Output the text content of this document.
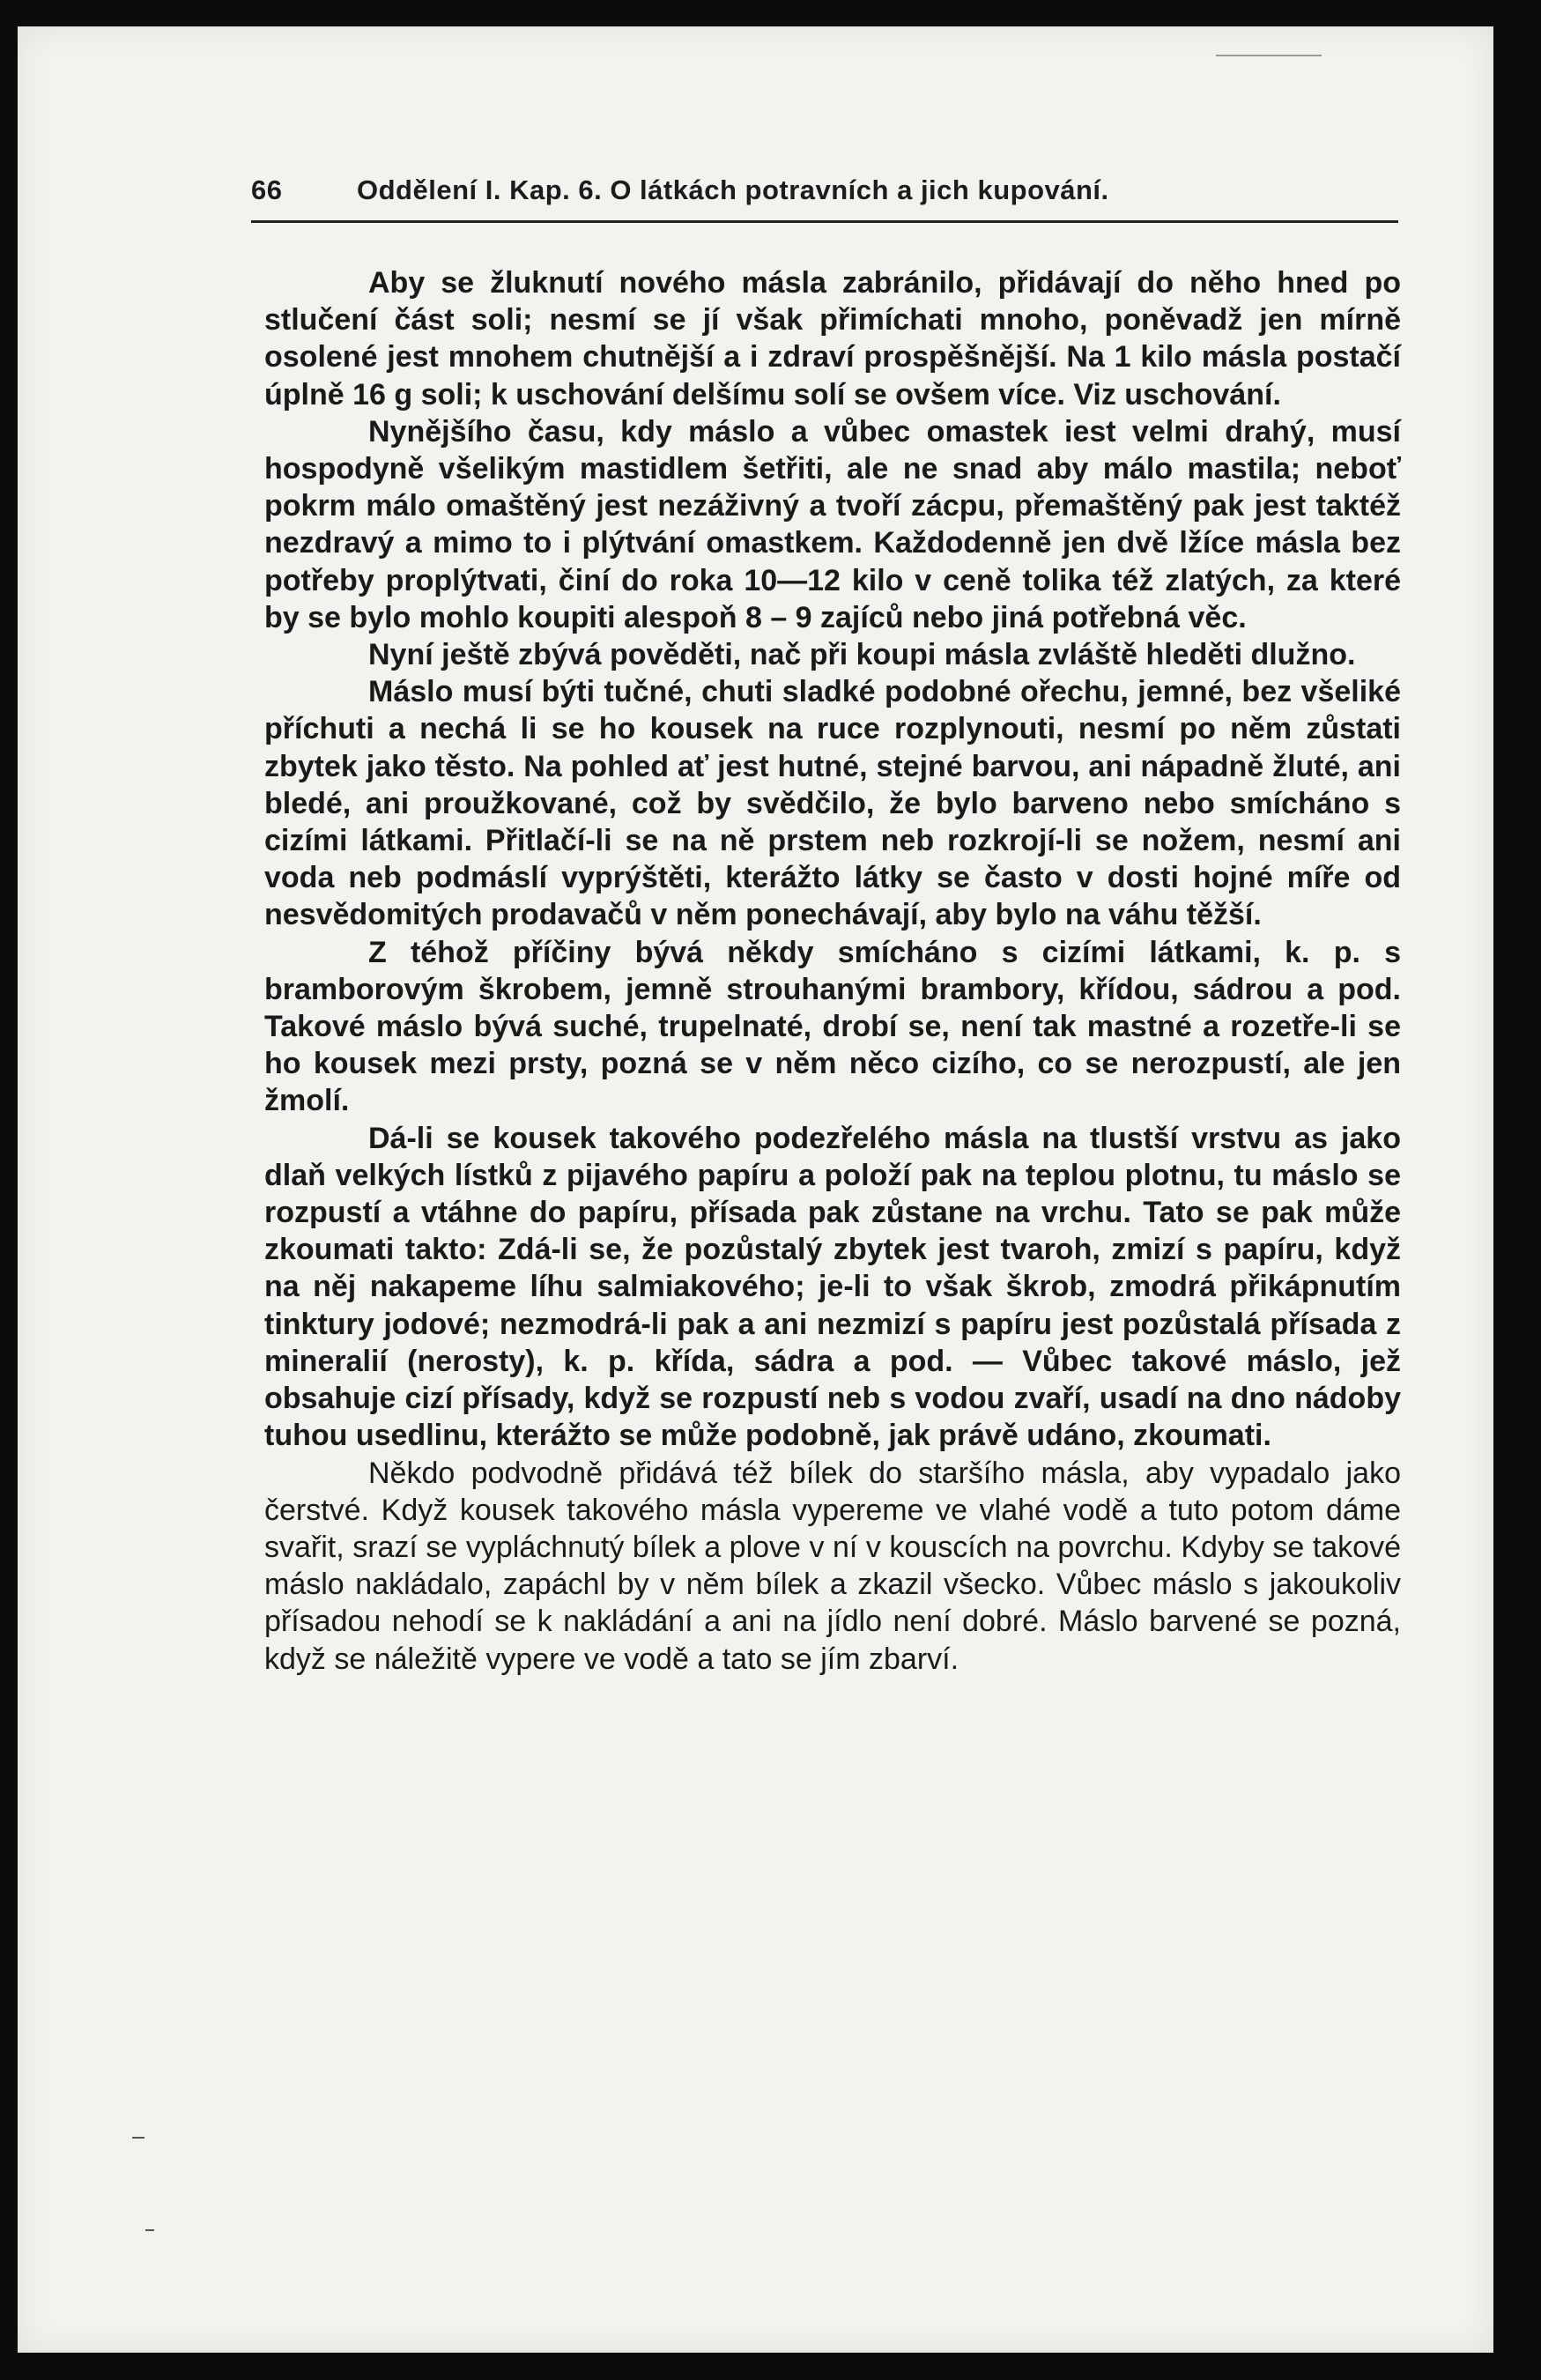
66	Oddělení I. Kap. 6. O látkách potravních a jich kupování.

Aby se žluknutí nového másla zabránilo, přidávají do něho hned po stlučení část soli; nesmí se jí však přimíchati mnoho, poněvadž jen mírně osolené jest mnohem chutnější a i zdraví prospěšnější. Na 1 kilo másla postačí úplně 16 g soli; k uschování delšímu solí se ovšem více. Viz uschování.

Nynějšího času, kdy máslo a vůbec omastek iest velmi drahý, musí hospodyně všelikým mastidlem šetřiti, ale ne snad aby málo mastila; neboť pokrm málo omaštěný jest nezáživný a tvoří zácpu, přemaštěný pak jest taktéž nezdravý a mimo to i plýtvání omastkem. Každodenně jen dvě lžíce másla bez potřeby proplýtvati, činí do roka 10—12 kilo v ceně tolika též zlatých, za které by se bylo mohlo koupiti alespoň 8 – 9 zajíců nebo jiná potřebná věc.

Nyní ještě zbývá pověděti, nač při koupi másla zvláště hleděti dlužno.

Máslo musí býti tučné, chuti sladké podobné ořechu, jemné, bez všeliké příchuti a nechá li se ho kousek na ruce rozplynouti, nesmí po něm zůstati zbytek jako těsto. Na pohled ať jest hutné, stejné barvou, ani nápadně žluté, ani bledé, ani proužkované, což by svědčilo, že bylo barveno nebo smícháno s cizími látkami. Přitlačí-li se na ně prstem neb rozkrojí-li se nožem, nesmí ani voda neb podmáslí vyprýštěti, kterážto látky se často v dosti hojné míře od nesvědomitých prodavačů v něm ponechávají, aby bylo na váhu těžší.

Z téhož příčiny bývá někdy smícháno s cizími látkami, k. p. s bramborovým škrobem, jemně strouhanými brambory, křídou, sádrou a pod. Takové máslo bývá suché, trupelnaté, drobí se, není tak mastné a rozetře-li se ho kousek mezi prsty, pozná se v něm něco cizího, co se nerozpustí, ale jen žmolí.

Dá-li se kousek takového podezřelého másla na tlustší vrstvu as jako dlaň velkých lístků z pijavého papíru a položí pak na teplou plotnu, tu máslo se rozpustí a vtáhne do papíru, přísada pak zůstane na vrchu. Tato se pak může zkoumati takto: Zdá-li se, že pozůstalý zbytek jest tvaroh, zmizí s papíru, když na něj nakapeme líhu salmiakového; je-li to však škrob, zmodrá přikápnutím tinktury jodové; nezmodrá-li pak a ani nezmizí s papíru jest pozůstalá přísada z mineralií (nerosty), k. p. křída, sádra a pod. — Vůbec takové máslo, jež obsahuje cizí přísady, když se rozpustí neb s vodou zvaří, usadí na dno nádoby tuhou usedlinu, kterážto se může podobně, jak právě udáno, zkoumati.

Někdo podvodně přidává též bílek do staršího másla, aby vypadalo jako čerstvé. Když kousek takového másla vypereme ve vlahé vodě a tuto potom dáme svařit, srazí se vypláchnutý bílek a plove v ní v kouscích na povrchu. Kdyby se takové máslo nakládalo, zapáchl by v něm bílek a zkazil všecko. Vůbec máslo s jakoukoliv přísadou nehodí se k nakládání a ani na jídlo není dobré. Máslo barvené se pozná, když se náležitě vypere ve vodě a tato se jím zbarví.
